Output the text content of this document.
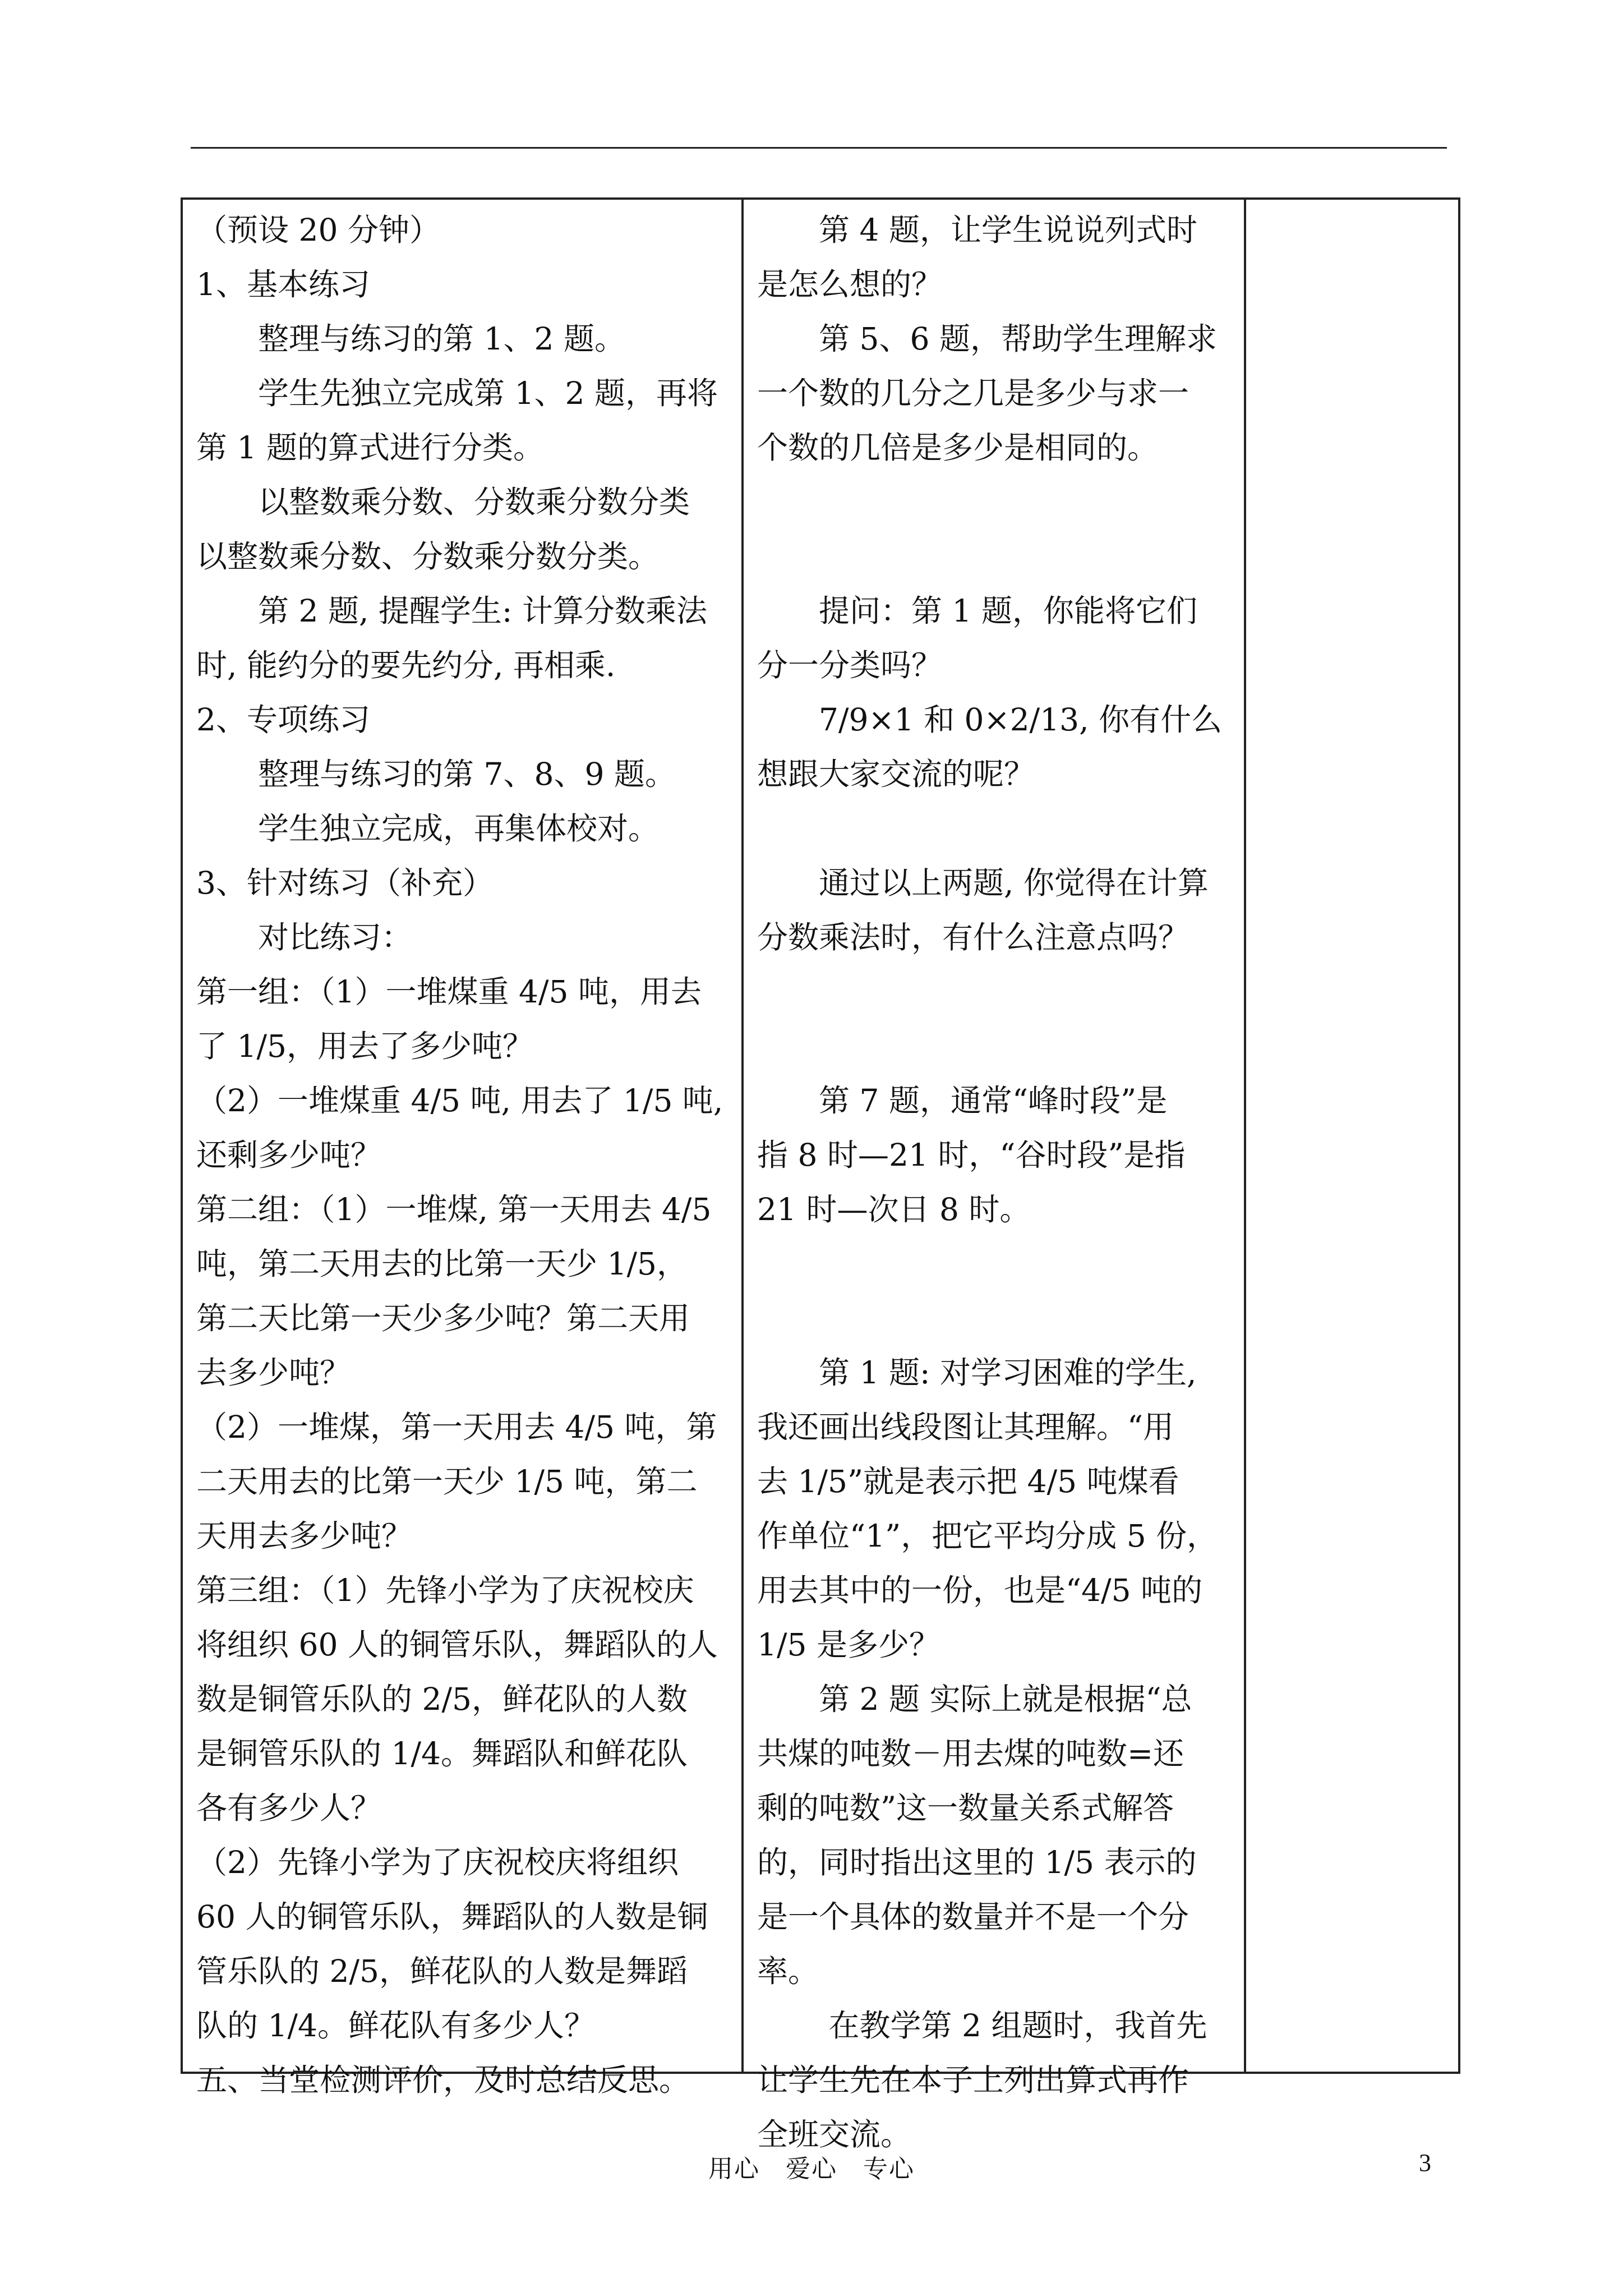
（预设 20 分钟）
1、基本练习
　　整理与练习的第 1、2 题。
　　学生先独立完成第 1、2 题，再将
第 1 题的算式进行分类。
　　以整数乘分数、分数乘分数分类
以整数乘分数、分数乘分数分类。
　　第 2 题, 提醒学生: 计算分数乘法
时, 能约分的要先约分, 再相乘.
2、专项练习
　　整理与练习的第 7、8、9 题。
　　学生独立完成，再集体校对。
3、针对练习（补充）
　　对比练习：
第一组：（1）一堆煤重 4/5 吨，用去
了 1/5，用去了多少吨？
（2）一堆煤重 4/5 吨, 用去了 1/5 吨,
还剩多少吨？
第二组：（1）一堆煤, 第一天用去 4/5
吨，第二天用去的比第一天少 1/5，
第二天比第一天少多少吨？第二天用
去多少吨？
（2）一堆煤，第一天用去 4/5 吨，第
二天用去的比第一天少 1/5 吨，第二
天用去多少吨？
第三组：（1）先锋小学为了庆祝校庆
将组织 60 人的铜管乐队，舞蹈队的人
数是铜管乐队的 2/5，鲜花队的人数
是铜管乐队的 1/4。舞蹈队和鲜花队
各有多少人？
（2）先锋小学为了庆祝校庆将组织
60 人的铜管乐队，舞蹈队的人数是铜
管乐队的 2/5，鲜花队的人数是舞蹈
队的 1/4。鲜花队有多少人？
五、当堂检测评价，及时总结反思。
　　第 4 题，让学生说说列式时
是怎么想的？
　　第 5、6 题，帮助学生理解求
一个数的几分之几是多少与求一
个数的几倍是多少是相同的。
　　提问：第 1 题，你能将它们
分一分类吗？
　　7/9×1 和 0×2/13, 你有什么
想跟大家交流的呢？
　　通过以上两题, 你觉得在计算
分数乘法时，有什么注意点吗？
　　第 7 题，通常“峰时段”是
指 8 时—21 时，“谷时段”是指
21 时—次日 8 时。
　　第 1 题: 对学习困难的学生,
我还画出线段图让其理解。“用
去 1/5”就是表示把 4/5 吨煤看
作单位“1”，把它平均分成 5 份，
用去其中的一份，也是“4/5 吨的
1/5 是多少？
　　第 2 题 实际上就是根据“总
共煤的吨数－用去煤的吨数=还
剩的吨数”这一数量关系式解答
的，同时指出这里的 1/5 表示的
是一个具体的数量并不是一个分
率。
　　 在教学第 2 组题时，我首先
让学生先在本子上列出算式再作
全班交流。
用心　爱心　专心	3
